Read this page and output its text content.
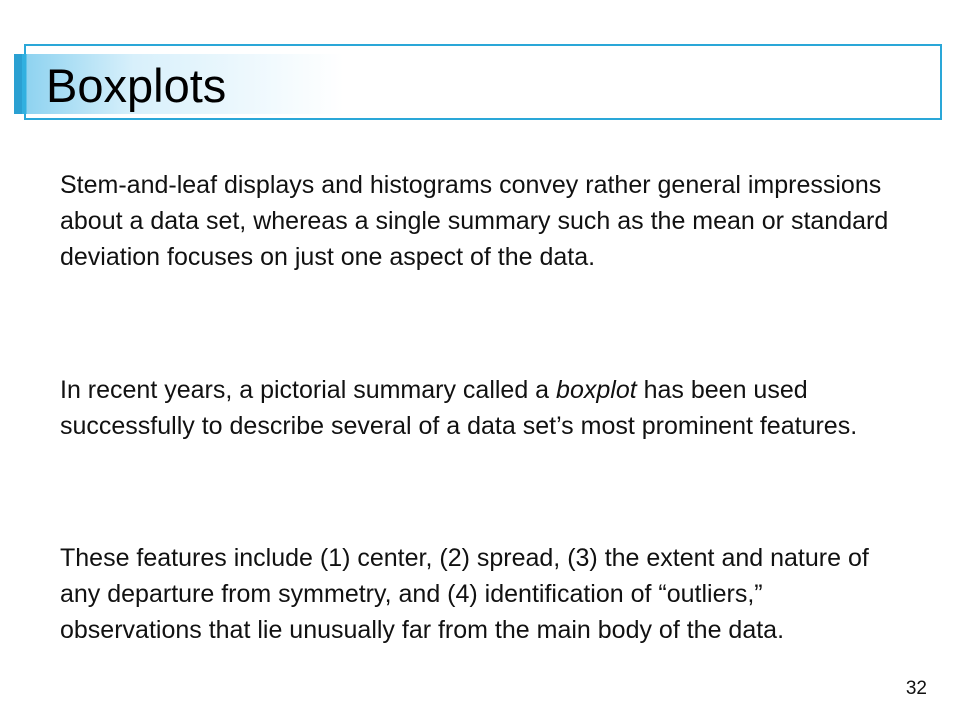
Boxplots

Stem-and-leaf displays and histograms convey rather general impressions about a data set, whereas a single summary such as the mean or standard deviation focuses on just one aspect of the data.

In recent years, a pictorial summary called a boxplot has been used successfully to describe several of a data set’s most prominent features.

These features include (1) center, (2) spread, (3) the extent and nature of any departure from symmetry, and (4) identification of “outliers,” observations that lie unusually far from the main body of the data.

32
